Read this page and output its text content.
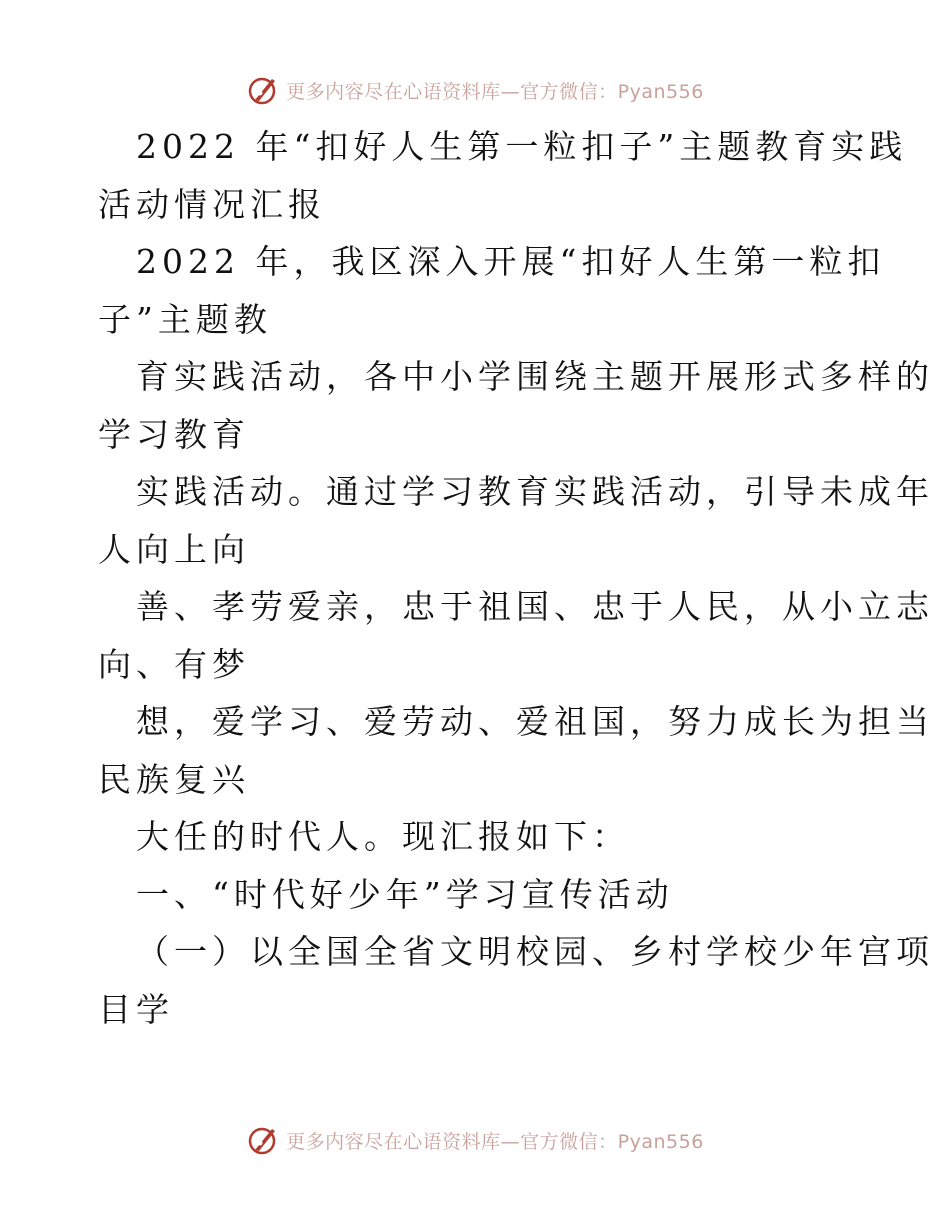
更多内容尽在心语资料库—官方微信：Pyan556
2022 年“扣好人生第一粒扣子”主题教育实践
活动情况汇报
2022 年，我区深入开展“扣好人生第一粒扣
子”主题教
育实践活动，各中小学围绕主题开展形式多样的
学习教育
实践活动。通过学习教育实践活动，引导未成年
人向上向
善、孝劳爱亲，忠于祖国、忠于人民，从小立志
向、有梦
想，爱学习、爱劳动、爱祖国，努力成长为担当
民族复兴
大任的时代人。现汇报如下：
一、“时代好少年”学习宣传活动
（一）以全国全省文明校园、乡村学校少年宫项
目学
更多内容尽在心语资料库—官方微信：Pyan556
